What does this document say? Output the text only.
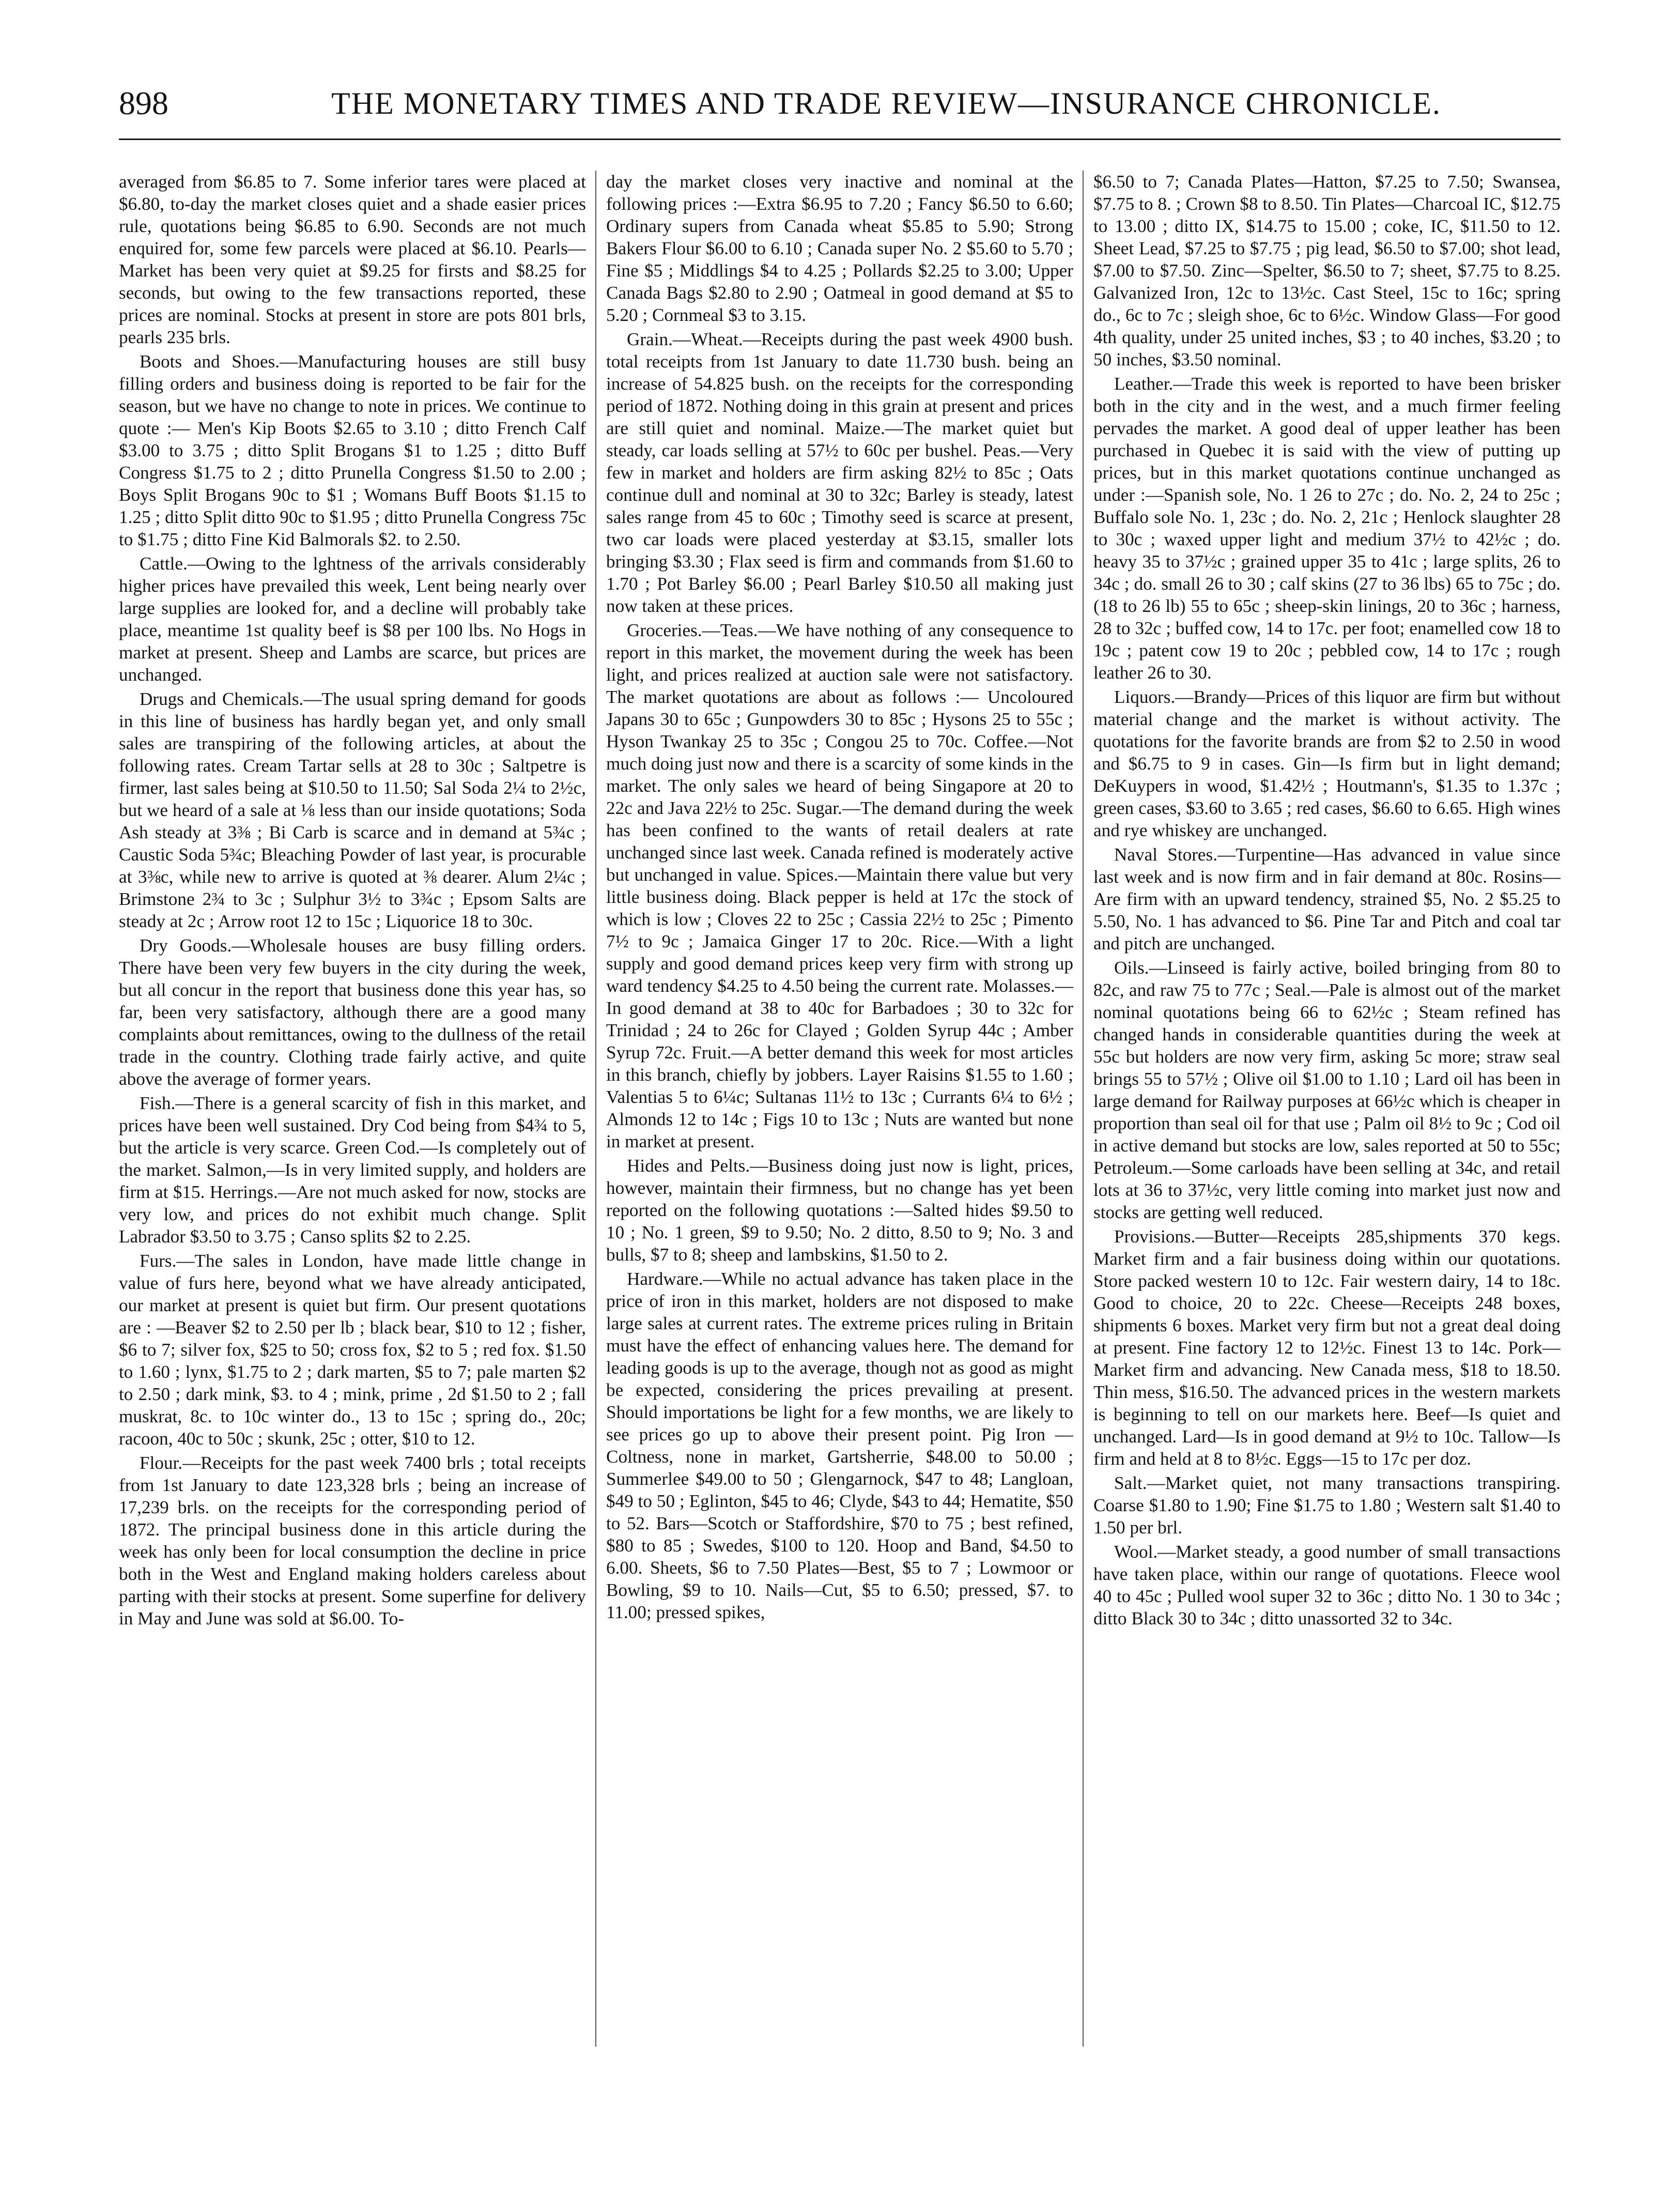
898	THE MONETARY TIMES AND TRADE REVIEW—INSURANCE CHRONICLE.

averaged from $6.85 to 7. Some inferior tares were placed at $6.80, to-day the market closes quiet and a shade easier prices rule, quotations being $6.85 to 6.90. Seconds are not much enquired for, some few parcels were placed at $6.10. Pearls—Market has been very quiet at $9.25 for firsts and $8.25 for seconds, but owing to the few transactions reported, these prices are nominal. Stocks at present in store are pots 801 brls, pearls 235 brls.

Boots and Shoes.—Manufacturing houses are still busy filling orders and business doing is reported to be fair for the season, but we have no change to note in prices. We continue to quote :— Men's Kip Boots $2.65 to 3.10 ; ditto French Calf $3.00 to 3.75 ; ditto Split Brogans $1 to 1.25 ; ditto Buff Congress $1.75 to 2 ; ditto Prunella Congress $1.50 to 2.00 ; Boys Split Brogans 90c to $1 ; Womans Buff Boots $1.15 to 1.25 ; ditto Split ditto 90c to $1.95 ; ditto Prunella Congress 75c to $1.75 ; ditto Fine Kid Balmorals $2. to 2.50.

Cattle.—Owing to the lghtness of the arrivals considerably higher prices have prevailed this week, Lent being nearly over large supplies are looked for, and a decline will probably take place, meantime 1st quality beef is $8 per 100 lbs. No Hogs in market at present. Sheep and Lambs are scarce, but prices are unchanged.

Drugs and Chemicals.—The usual spring demand for goods in this line of business has hardly began yet, and only small sales are transpiring of the following articles, at about the following rates. Cream Tartar sells at 28 to 30c ; Saltpetre is firmer, last sales being at $10.50 to 11.50; Sal Soda 2¼ to 2½c, but we heard of a sale at ⅛ less than our inside quotations; Soda Ash steady at 3⅜ ; Bi Carb is scarce and in demand at 5¾c ; Caustic Soda 5¾c; Bleaching Powder of last year, is procurable at 3⅜c, while new to arrive is quoted at ⅜ dearer. Alum 2¼c ; Brimstone 2¾ to 3c ; Sulphur 3½ to 3¾c ; Epsom Salts are steady at 2c ; Arrow root 12 to 15c ; Liquorice 18 to 30c.

Dry Goods.—Wholesale houses are busy filling orders. There have been very few buyers in the city during the week, but all concur in the report that business done this year has, so far, been very satisfactory, although there are a good many complaints about remittances, owing to the dullness of the retail trade in the country. Clothing trade fairly active, and quite above the average of former years.

Fish.—There is a general scarcity of fish in this market, and prices have been well sustained. Dry Cod being from $4¾ to 5, but the article is very scarce. Green Cod.—Is completely out of the market. Salmon,—Is in very limited supply, and holders are firm at $15. Herrings.—Are not much asked for now, stocks are very low, and prices do not exhibit much change. Split Labrador $3.50 to 3.75 ; Canso splits $2 to 2.25.

Furs.—The sales in London, have made little change in value of furs here, beyond what we have already anticipated, our market at present is quiet but firm. Our present quotations are : —Beaver $2 to 2.50 per lb ; black bear, $10 to 12 ; fisher, $6 to 7; silver fox, $25 to 50; cross fox, $2 to 5 ; red fox. $1.50 to 1.60 ; lynx, $1.75 to 2 ; dark marten, $5 to 7; pale marten $2 to 2.50 ; dark mink, $3. to 4 ; mink, prime , 2d $1.50 to 2 ; fall muskrat, 8c. to 10c winter do., 13 to 15c ; spring do., 20c; racoon, 40c to 50c ; skunk, 25c ; otter, $10 to 12.

Flour.—Receipts for the past week 7400 brls ; total receipts from 1st January to date 123,328 brls ; being an increase of 17,239 brls. on the receipts for the corresponding period of 1872. The principal business done in this article during the week has only been for local consumption the decline in price both in the West and England making holders careless about parting with their stocks at present. Some superfine for delivery in May and June was sold at $6.00. To-

day the market closes very inactive and nominal at the following prices :—Extra $6.95 to 7.20 ; Fancy $6.50 to 6.60; Ordinary supers from Canada wheat $5.85 to 5.90; Strong Bakers Flour $6.00 to 6.10 ; Canada super No. 2 $5.60 to 5.70 ; Fine $5 ; Middlings $4 to 4.25 ; Pollards $2.25 to 3.00; Upper Canada Bags $2.80 to 2.90 ; Oatmeal in good demand at $5 to 5.20 ; Cornmeal $3 to 3.15.

Grain.—Wheat.—Receipts during the past week 4900 bush. total receipts from 1st January to date 11.730 bush. being an increase of 54.825 bush. on the receipts for the corresponding period of 1872. Nothing doing in this grain at present and prices are still quiet and nominal. Maize.—The market quiet but steady, car loads selling at 57½ to 60c per bushel. Peas.—Very few in market and holders are firm asking 82½ to 85c ; Oats continue dull and nominal at 30 to 32c; Barley is steady, latest sales range from 45 to 60c ; Timothy seed is scarce at present, two car loads were placed yesterday at $3.15, smaller lots bringing $3.30 ; Flax seed is firm and commands from $1.60 to 1.70 ; Pot Barley $6.00 ; Pearl Barley $10.50 all making just now taken at these prices.

Groceries.—Teas.—We have nothing of any consequence to report in this market, the movement during the week has been light, and prices realized at auction sale were not satisfactory. The market quotations are about as follows :— Uncoloured Japans 30 to 65c ; Gunpowders 30 to 85c ; Hysons 25 to 55c ; Hyson Twankay 25 to 35c ; Congou 25 to 70c. Coffee.—Not much doing just now and there is a scarcity of some kinds in the market. The only sales we heard of being Singapore at 20 to 22c and Java 22½ to 25c. Sugar.—The demand during the week has been confined to the wants of retail dealers at rate unchanged since last week. Canada refined is moderately active but unchanged in value. Spices.—Maintain there value but very little business doing. Black pepper is held at 17c the stock of which is low ; Cloves 22 to 25c ; Cassia 22½ to 25c ; Pimento 7½ to 9c ; Jamaica Ginger 17 to 20c. Rice.—With a light supply and good demand prices keep very firm with strong up ward tendency $4.25 to 4.50 being the current rate. Molasses.—In good demand at 38 to 40c for Barbadoes ; 30 to 32c for Trinidad ; 24 to 26c for Clayed ; Golden Syrup 44c ; Amber Syrup 72c. Fruit.—A better demand this week for most articles in this branch, chiefly by jobbers. Layer Raisins $1.55 to 1.60 ; Valentias 5 to 6¼c; Sultanas 11½ to 13c ; Currants 6¼ to 6½ ; Almonds 12 to 14c ; Figs 10 to 13c ; Nuts are wanted but none in market at present.

Hides and Pelts.—Business doing just now is light, prices, however, maintain their firmness, but no change has yet been reported on the following quotations :—Salted hides $9.50 to 10 ; No. 1 green, $9 to 9.50; No. 2 ditto, 8.50 to 9; No. 3 and bulls, $7 to 8; sheep and lambskins, $1.50 to 2.

Hardware.—While no actual advance has taken place in the price of iron in this market, holders are not disposed to make large sales at current rates. The extreme prices ruling in Britain must have the effect of enhancing values here. The demand for leading goods is up to the average, though not as good as might be expected, considering the prices prevailing at present. Should importations be light for a few months, we are likely to see prices go up to above their present point. Pig Iron — Coltness, none in market, Gartsherrie, $48.00 to 50.00 ; Summerlee $49.00 to 50 ; Glengarnock, $47 to 48; Langloan, $49 to 50 ; Eglinton, $45 to 46; Clyde, $43 to 44; Hematite, $50 to 52. Bars—Scotch or Staffordshire, $70 to 75 ; best refined, $80 to 85 ; Swedes, $100 to 120. Hoop and Band, $4.50 to 6.00. Sheets, $6 to 7.50 Plates—Best, $5 to 7 ; Lowmoor or Bowling, $9 to 10. Nails—Cut, $5 to 6.50; pressed, $7. to 11.00; pressed spikes,

$6.50 to 7; Canada Plates—Hatton, $7.25 to 7.50; Swansea, $7.75 to 8. ; Crown $8 to 8.50. Tin Plates—Charcoal IC, $12.75 to 13.00 ; ditto IX, $14.75 to 15.00 ; coke, IC, $11.50 to 12. Sheet Lead, $7.25 to $7.75 ; pig lead, $6.50 to $7.00; shot lead, $7.00 to $7.50. Zinc—Spelter, $6.50 to 7; sheet, $7.75 to 8.25. Galvanized Iron, 12c to 13½c. Cast Steel, 15c to 16c; spring do., 6c to 7c ; sleigh shoe, 6c to 6½c. Window Glass—For good 4th quality, under 25 united inches, $3 ; to 40 inches, $3.20 ; to 50 inches, $3.50 nominal.

Leather.—Trade this week is reported to have been brisker both in the city and in the west, and a much firmer feeling pervades the market. A good deal of upper leather has been purchased in Quebec it is said with the view of putting up prices, but in this market quotations continue unchanged as under :—Spanish sole, No. 1 26 to 27c ; do. No. 2, 24 to 25c ; Buffalo sole No. 1, 23c ; do. No. 2, 21c ; Henlock slaughter 28 to 30c ; waxed upper light and medium 37½ to 42½c ; do. heavy 35 to 37½c ; grained upper 35 to 41c ; large splits, 26 to 34c ; do. small 26 to 30 ; calf skins (27 to 36 lbs) 65 to 75c ; do. (18 to 26 lb) 55 to 65c ; sheep-skin linings, 20 to 36c ; harness, 28 to 32c ; buffed cow, 14 to 17c. per foot; enamelled cow 18 to 19c ; patent cow 19 to 20c ; pebbled cow, 14 to 17c ; rough leather 26 to 30.

Liquors.—Brandy—Prices of this liquor are firm but without material change and the market is without activity. The quotations for the favorite brands are from $2 to 2.50 in wood and $6.75 to 9 in cases. Gin—Is firm but in light demand; DeKuypers in wood, $1.42½ ; Houtmann's, $1.35 to 1.37c ; green cases, $3.60 to 3.65 ; red cases, $6.60 to 6.65. High wines and rye whiskey are unchanged.

Naval Stores.—Turpentine—Has advanced in value since last week and is now firm and in fair demand at 80c. Rosins—Are firm with an upward tendency, strained $5, No. 2 $5.25 to 5.50, No. 1 has advanced to $6. Pine Tar and Pitch and coal tar and pitch are unchanged.

Oils.—Linseed is fairly active, boiled bringing from 80 to 82c, and raw 75 to 77c ; Seal.—Pale is almost out of the market nominal quotations being 66 to 62½c ; Steam refined has changed hands in considerable quantities during the week at 55c but holders are now very firm, asking 5c more; straw seal brings 55 to 57½ ; Olive oil $1.00 to 1.10 ; Lard oil has been in large demand for Railway purposes at 66½c which is cheaper in proportion than seal oil for that use ; Palm oil 8½ to 9c ; Cod oil in active demand but stocks are low, sales reported at 50 to 55c; Petroleum.—Some carloads have been selling at 34c, and retail lots at 36 to 37½c, very little coming into market just now and stocks are getting well reduced.

Provisions.—Butter—Receipts 285,shipments 370 kegs. Market firm and a fair business doing within our quotations. Store packed western 10 to 12c. Fair western dairy, 14 to 18c. Good to choice, 20 to 22c. Cheese—Receipts 248 boxes, shipments 6 boxes. Market very firm but not a great deal doing at present. Fine factory 12 to 12½c. Finest 13 to 14c. Pork—Market firm and advancing. New Canada mess, $18 to 18.50. Thin mess, $16.50. The advanced prices in the western markets is beginning to tell on our markets here. Beef—Is quiet and unchanged. Lard—Is in good demand at 9½ to 10c. Tallow—Is firm and held at 8 to 8½c. Eggs—15 to 17c per doz.

Salt.—Market quiet, not many transactions transpiring. Coarse $1.80 to 1.90; Fine $1.75 to 1.80 ; Western salt $1.40 to 1.50 per brl.

Wool.—Market steady, a good number of small transactions have taken place, within our range of quotations. Fleece wool 40 to 45c ; Pulled wool super 32 to 36c ; ditto No. 1 30 to 34c ; ditto Black 30 to 34c ; ditto unassorted 32 to 34c.
